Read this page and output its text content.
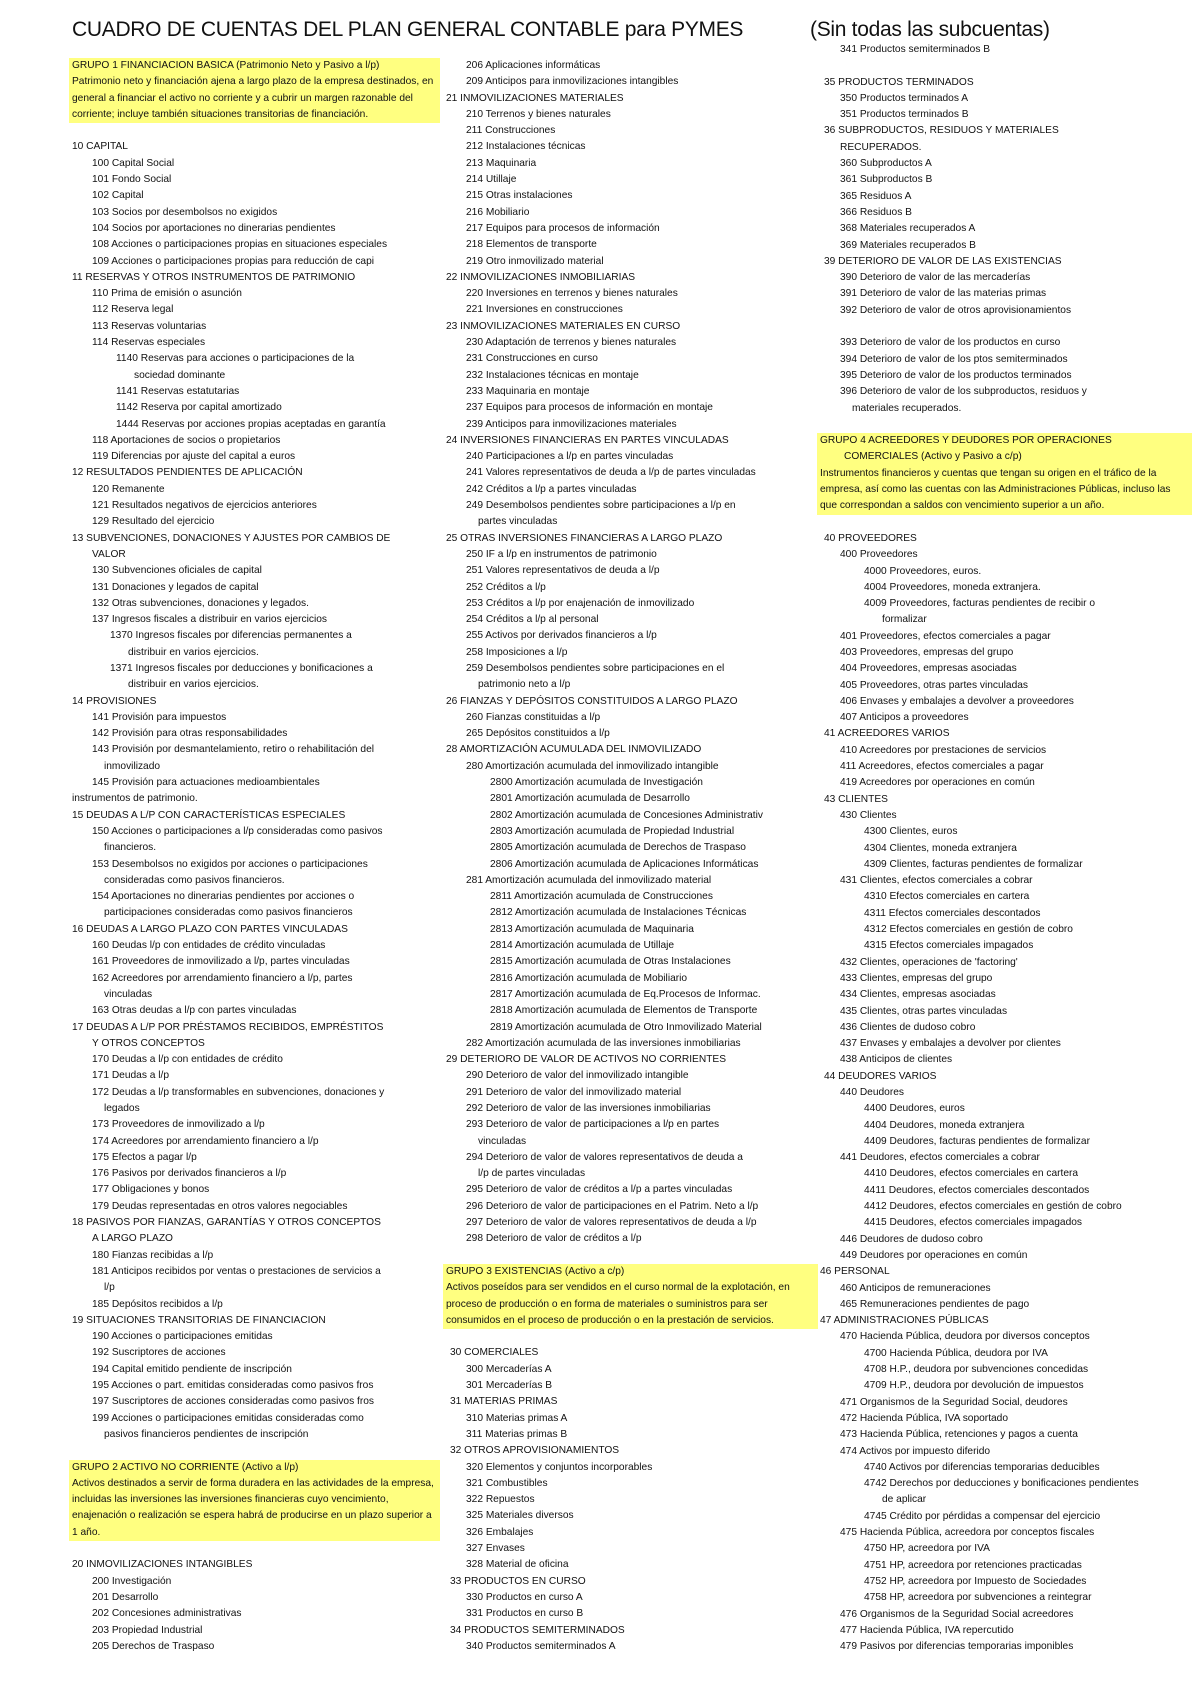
CUADRO DE CUENTAS DEL PLAN GENERAL CONTABLE para PYMES	(Sin todas las subcuentas)
GRUPO 1 FINANCIACION BASICA (Patrimonio Neto y Pasivo a l/p)
Patrimonio neto y financiación ajena a largo plazo de la empresa destinados, en general a financiar el activo no corriente y a cubrir un margen razonable del corriente; incluye también situaciones transitorias de financiación.
10 CAPITAL
100 Capital Social
101 Fondo Social
102 Capital
103 Socios por desembolsos no exigidos
104 Socios por aportaciones no dinerarias pendientes
108 Acciones o participaciones propias en situaciones especiales
109 Acciones o participaciones propias para reducción de capi
11 RESERVAS Y OTROS INSTRUMENTOS DE PATRIMONIO
110 Prima de emisión o asunción
112 Reserva legal
113 Reservas voluntarias
114 Reservas especiales
1140 Reservas para acciones o participaciones de la
sociedad dominante
1141 Reservas estatutarias
1142 Reserva por capital amortizado
1444 Reservas por acciones propias aceptadas en garantía
118 Aportaciones de socios o propietarios
119 Diferencias por ajuste del capital a euros
12 RESULTADOS PENDIENTES DE APLICACIÓN
120 Remanente
121 Resultados negativos de ejercicios anteriores
129 Resultado del ejercicio
13 SUBVENCIONES, DONACIONES Y AJUSTES POR CAMBIOS DE
VALOR
130 Subvenciones oficiales de capital
131 Donaciones y legados de capital
132 Otras subvenciones, donaciones y legados.
137 Ingresos fiscales a distribuir en varios ejercicios
1370 Ingresos fiscales por diferencias permanentes a
distribuir en varios ejercicios.
1371 Ingresos fiscales por deducciones y bonificaciones a
distribuir en varios ejercicios.
14 PROVISIONES
141 Provisión para impuestos
142 Provisión para otras responsabilidades
143 Provisión por desmantelamiento, retiro o rehabilitación del
inmovilizado
145 Provisión para actuaciones medioambientales
instrumentos de patrimonio.
15 DEUDAS A L/P CON CARACTERÍSTICAS ESPECIALES
150 Acciones o participaciones a l/p consideradas como pasivos
financieros.
153 Desembolsos no exigidos por acciones o participaciones
consideradas como pasivos financieros.
154 Aportaciones no dinerarias pendientes por acciones o
participaciones consideradas como pasivos financieros
16 DEUDAS A LARGO PLAZO CON PARTES VINCULADAS
160 Deudas l/p con entidades de crédito vinculadas
161 Proveedores de inmovilizado a l/p, partes vinculadas
162 Acreedores por arrendamiento financiero a l/p, partes
vinculadas
163 Otras deudas a l/p con partes vinculadas
17 DEUDAS A L/P POR PRÉSTAMOS RECIBIDOS, EMPRÉSTITOS
Y OTROS CONCEPTOS
170 Deudas a l/p con entidades de crédito
171 Deudas a l/p
172 Deudas a l/p transformables en subvenciones, donaciones y
legados
173 Proveedores de inmovilizado a l/p
174 Acreedores por arrendamiento financiero a l/p
175 Efectos a pagar l/p
176 Pasivos por derivados financieros a l/p
177 Obligaciones y bonos
179 Deudas representadas en otros valores negociables
18 PASIVOS POR FIANZAS, GARANTÍAS Y OTROS CONCEPTOS
A LARGO PLAZO
180 Fianzas recibidas a l/p
181 Anticipos recibidos por ventas o prestaciones de servicios a
l/p
185 Depósitos recibidos a l/p
19 SITUACIONES TRANSITORIAS DE FINANCIACION
190 Acciones o participaciones emitidas
192 Suscriptores de acciones
194 Capital emitido pendiente de inscripción
195 Acciones o part. emitidas consideradas como pasivos fros
197 Suscriptores de acciones consideradas como pasivos fros
199 Acciones o participaciones emitidas consideradas como
pasivos financieros pendientes de inscripción
GRUPO 2 ACTIVO NO CORRIENTE (Activo a l/p)
Activos destinados a servir de forma duradera en las actividades de la empresa, incluidas las inversiones las inversiones financieras cuyo vencimiento, enajenación o realización se espera habrá de producirse en un plazo superior a 1 año.
20 INMOVILIZACIONES INTANGIBLES
200 Investigación
201 Desarrollo
202 Concesiones administrativas
203 Propiedad Industrial
205 Derechos de Traspaso
206 Aplicaciones informáticas
209 Anticipos para inmovilizaciones intangibles
21 INMOVILIZACIONES MATERIALES
210 Terrenos y bienes naturales
211 Construcciones
212 Instalaciones técnicas
213 Maquinaria
214 Utillaje
215 Otras instalaciones
216 Mobiliario
217 Equipos para procesos de información
218 Elementos de transporte
219 Otro inmovilizado material
22 INMOVILIZACIONES INMOBILIARIAS
220 Inversiones en terrenos y bienes naturales
221 Inversiones en construcciones
23 INMOVILIZACIONES MATERIALES EN CURSO
230 Adaptación de terrenos y bienes naturales
231 Construcciones en curso
232 Instalaciones técnicas en montaje
233 Maquinaria en montaje
237 Equipos para procesos de información en montaje
239 Anticipos para inmovilizaciones materiales
24 INVERSIONES FINANCIERAS EN PARTES VINCULADAS
240 Participaciones a l/p en partes vinculadas
241 Valores representativos de deuda a l/p de partes vinculadas
242 Créditos a l/p a partes vinculadas
249 Desembolsos pendientes sobre participaciones a l/p en
partes vinculadas
25 OTRAS INVERSIONES FINANCIERAS A LARGO PLAZO
250 IF a l/p en instrumentos de patrimonio
251 Valores representativos de deuda a l/p
252 Créditos a l/p
253 Créditos a l/p por enajenación de inmovilizado
254 Créditos a l/p al personal
255 Activos por derivados financieros a l/p
258 Imposiciones a l/p
259 Desembolsos pendientes sobre participaciones en el
patrimonio neto a l/p
26 FIANZAS Y DEPÓSITOS CONSTITUIDOS A LARGO PLAZO
260 Fianzas constituidas a l/p
265 Depósitos constituidos a l/p
28 AMORTIZACIÓN ACUMULADA DEL INMOVILIZADO
280 Amortización acumulada del inmovilizado intangible
2800 Amortización acumulada de Investigación
2801 Amortización acumulada de Desarrollo
2802 Amortización acumulada de Concesiones Administrativ
2803 Amortización acumulada de Propiedad Industrial
2805 Amortización acumulada de Derechos de Traspaso
2806 Amortización acumulada de Aplicaciones Informáticas
281 Amortización acumulada del inmovilizado material
2811 Amortización acumulada de Construcciones
2812 Amortización acumulada de Instalaciones Técnicas
2813 Amortización acumulada de Maquinaria
2814 Amortización acumulada de Utillaje
2815 Amortización acumulada de Otras Instalaciones
2816 Amortización acumulada de Mobiliario
2817 Amortización acumulada de Eq.Procesos de Informac.
2818 Amortización acumulada de Elementos de Transporte
2819 Amortización acumulada de Otro Inmovilizado Material
282 Amortización acumulada de las inversiones inmobiliarias
29 DETERIORO DE VALOR DE ACTIVOS NO CORRIENTES
290 Deterioro de valor del inmovilizado intangible
291 Deterioro de valor del inmovilizado material
292 Deterioro de valor de las inversiones inmobiliarias
293 Deterioro de valor de participaciones a l/p en partes
vinculadas
294 Deterioro de valor de valores representativos de deuda a
l/p de partes vinculadas
295 Deterioro de valor de créditos a l/p a partes vinculadas
296 Deterioro de valor de participaciones en el Patrim. Neto a l/p
297 Deterioro de valor de valores representativos de deuda a l/p
298 Deterioro de valor de créditos a l/p
GRUPO 3 EXISTENCIAS (Activo a c/p)
Activos poseídos para ser vendidos en el curso normal de la explotación, en proceso de producción o en forma de materiales o suministros para ser consumidos en el proceso de producción o en la prestación de servicios.
30 COMERCIALES
300 Mercaderías A
301 Mercaderías B
31 MATERIAS PRIMAS
310 Materias primas A
311 Materias primas B
32 OTROS APROVISIONAMIENTOS
320 Elementos y conjuntos incorporables
321 Combustibles
322 Repuestos
325 Materiales diversos
326 Embalajes
327 Envases
328 Material de oficina
33 PRODUCTOS EN CURSO
330 Productos en curso A
331 Productos en curso B
34 PRODUCTOS SEMITERMINADOS
340 Productos semiterminados A
341 Productos semiterminados B
35 PRODUCTOS TERMINADOS
350 Productos terminados A
351 Productos terminados B
36 SUBPRODUCTOS, RESIDUOS Y MATERIALES
RECUPERADOS.
360 Subproductos A
361 Subproductos B
365 Residuos A
366 Residuos B
368 Materiales recuperados A
369 Materiales recuperados B
39 DETERIORO DE VALOR DE LAS EXISTENCIAS
390 Deterioro de valor de las mercaderías
391 Deterioro de valor de las materias primas
392 Deterioro de valor de otros aprovisionamientos
393 Deterioro de valor de los productos en curso
394 Deterioro de valor de los ptos semiterminados
395 Deterioro de valor de los productos terminados
396 Deterioro de valor de los subproductos, residuos y
materiales recuperados.
GRUPO 4 ACREEDORES Y DEUDORES POR OPERACIONES
COMERCIALES (Activo y Pasivo a c/p)
Instrumentos financieros y cuentas que tengan su origen en el tráfico de la empresa, así como las cuentas con las Administraciones Públicas, incluso las que correspondan a saldos con vencimiento superior a un año.
40 PROVEEDORES
400 Proveedores
4000 Proveedores, euros.
4004 Proveedores, moneda extranjera.
4009 Proveedores, facturas pendientes de recibir o
formalizar
401 Proveedores, efectos comerciales a pagar
403 Proveedores, empresas del grupo
404 Proveedores, empresas asociadas
405 Proveedores, otras partes vinculadas
406 Envases y embalajes a devolver a proveedores
407 Anticipos a proveedores
41 ACREEDORES VARIOS
410 Acreedores por prestaciones de servicios
411 Acreedores, efectos comerciales a pagar
419 Acreedores por operaciones en común
43 CLIENTES
430 Clientes
4300 Clientes, euros
4304 Clientes, moneda extranjera
4309 Clientes, facturas pendientes de formalizar
431 Clientes, efectos comerciales a cobrar
4310 Efectos comerciales en cartera
4311 Efectos comerciales descontados
4312 Efectos comerciales en gestión de cobro
4315 Efectos comerciales impagados
432 Clientes, operaciones de 'factoring'
433 Clientes, empresas del grupo
434 Clientes, empresas asociadas
435 Clientes, otras partes vinculadas
436 Clientes de dudoso cobro
437 Envases y embalajes a devolver por clientes
438 Anticipos de clientes
44 DEUDORES VARIOS
440 Deudores
4400 Deudores, euros
4404 Deudores, moneda extranjera
4409 Deudores, facturas pendientes de formalizar
441 Deudores, efectos comerciales a cobrar
4410 Deudores, efectos comerciales en cartera
4411 Deudores, efectos comerciales descontados
4412 Deudores, efectos comerciales en gestión de cobro
4415 Deudores, efectos comerciales impagados
446 Deudores de dudoso cobro
449 Deudores por operaciones en común
46 PERSONAL
460 Anticipos de remuneraciones
465 Remuneraciones pendientes de pago
47 ADMINISTRACIONES PÚBLICAS
470 Hacienda Pública, deudora por diversos conceptos
4700 Hacienda Pública, deudora por IVA
4708 H.P., deudora por subvenciones concedidas
4709 H.P., deudora por devolución de impuestos
471 Organismos de la Seguridad Social, deudores
472 Hacienda Pública, IVA soportado
473 Hacienda Pública, retenciones y pagos a cuenta
474 Activos por impuesto diferido
4740 Activos por diferencias temporarias deducibles
4742 Derechos por deducciones y bonificaciones pendientes
de aplicar
4745 Crédito por pérdidas a compensar del ejercicio
475 Hacienda Pública, acreedora por conceptos fiscales
4750 HP, acreedora por IVA
4751 HP, acreedora por retenciones practicadas
4752 HP, acreedora por Impuesto de Sociedades
4758 HP, acreedora por subvenciones a reintegrar
476 Organismos de la Seguridad Social acreedores
477 Hacienda Pública, IVA repercutido
479 Pasivos por diferencias temporarias imponibles
